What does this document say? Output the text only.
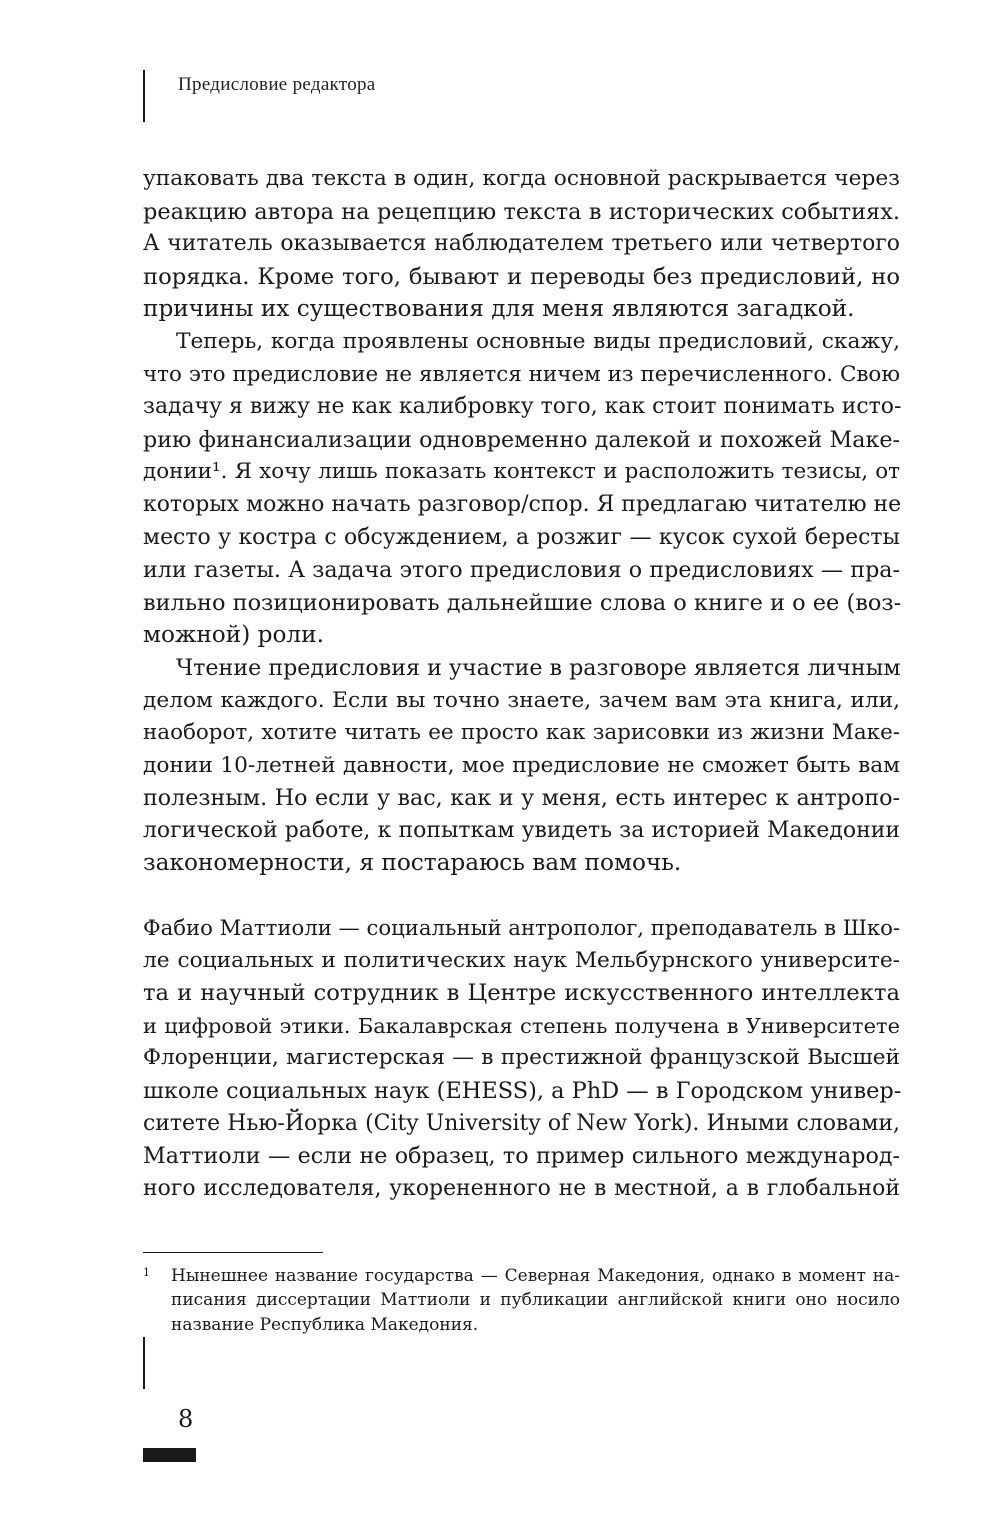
Предисловие редактора
упаковать два текста в один, когда основной раскрывается через
реакцию автора на рецепцию текста в исторических событиях.
А читатель оказывается наблюдателем третьего или четвертого
порядка. Кроме того, бывают и переводы без предисловий, но
причины их существования для меня являются загадкой.
Теперь, когда проявлены основные виды предисловий, скажу,
что это предисловие не является ничем из перечисленного. Свою
задачу я вижу не как калибровку того, как стоит понимать исто-
рию финансиализации одновременно далекой и похожей Маке-
донии¹. Я хочу лишь показать контекст и расположить тезисы, от
которых можно начать разговор/спор. Я предлагаю читателю не
место у костра с обсуждением, а розжиг — кусок сухой бересты
или газеты. А задача этого предисловия о предисловиях — пра-
вильно позиционировать дальнейшие слова о книге и о ее (воз-
можной) роли.
Чтение предисловия и участие в разговоре является личным
делом каждого. Если вы точно знаете, зачем вам эта книга, или,
наоборот, хотите читать ее просто как зарисовки из жизни Маке-
донии 10-летней давности, мое предисловие не сможет быть вам
полезным. Но если у вас, как и у меня, есть интерес к антропо-
логической работе, к попыткам увидеть за историей Македонии
закономерности, я постараюсь вам помочь.
Фабио Маттиоли — социальный антрополог, преподаватель в Шко-
ле социальных и политических наук Мельбурнского университе-
та и научный сотрудник в Центре искусственного интеллекта
и цифровой этики. Бакалаврская степень получена в Университете
Флоренции, магистерская — в престижной французской Высшей
школе социальных наук (EHESS), а PhD — в Городском универ-
ситете Нью-Йорка (City University of New York). Иными словами,
Маттиоли — если не образец, то пример сильного международ-
ного исследователя, укорененного не в местной, а в глобальной
1	Нынешнее название государства — Северная Македония, однако в момент на-
писания диссертации Маттиоли и публикации английской книги оно носило
название Республика Македония.
8
